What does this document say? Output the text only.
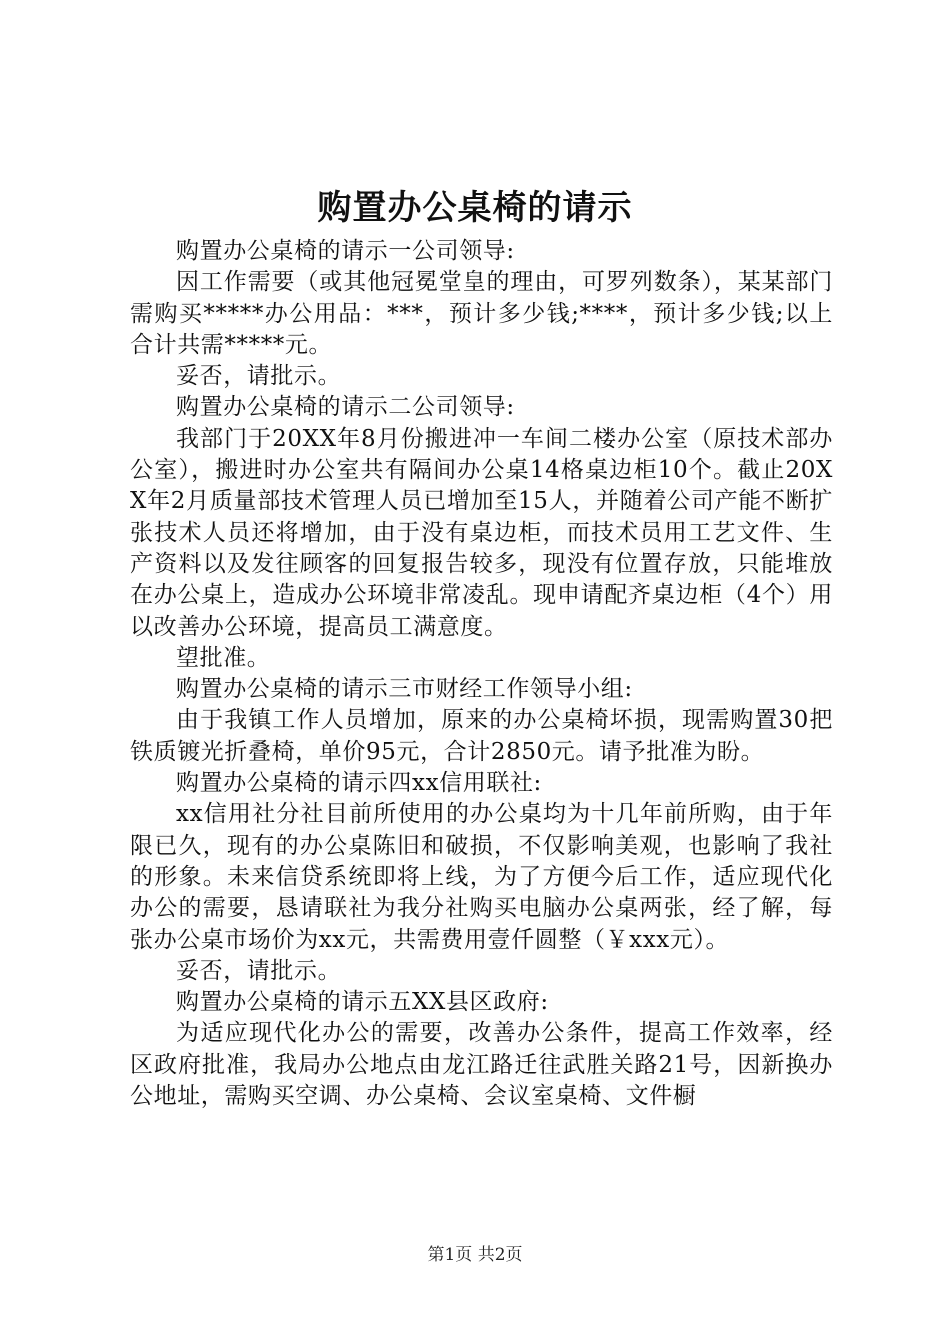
购置办公桌椅的请示

购置办公桌椅的请示一公司领导:

因工作需要（或其他冠冕堂皇的理由，可罗列数条），某某部门需购买*****办公用品：***，预计多少钱;****，预计多少钱;以上合计共需*****元。

妥否，请批示。

购置办公桌椅的请示二公司领导:

我部门于20XX年8月份搬进冲一车间二楼办公室（原技术部办公室），搬进时办公室共有隔间办公桌14格桌边柜10个。截止20XX年2月质量部技术管理人员已增加至15人，并随着公司产能不断扩张技术人员还将增加，由于没有桌边柜，而技术员用工艺文件、生产资料以及发往顾客的回复报告较多，现没有位置存放，只能堆放在办公桌上，造成办公环境非常凌乱。现申请配齐桌边柜（4个）用以改善办公环境，提高员工满意度。

望批准。

购置办公桌椅的请示三市财经工作领导小组:

由于我镇工作人员增加，原来的办公桌椅坏损，现需购置30把铁质镀光折叠椅，单价95元，合计2850元。请予批准为盼。

购置办公桌椅的请示四xx信用联社:

xx信用社分社目前所使用的办公桌均为十几年前所购，由于年限已久，现有的办公桌陈旧和破损，不仅影响美观，也影响了我社的形象。未来信贷系统即将上线，为了方便今后工作，适应现代化办公的需要，恳请联社为我分社购买电脑办公桌两张，经了解，每张办公桌市场价为xx元，共需费用壹仟圆整（￥xxx元）。

妥否，请批示。

购置办公桌椅的请示五XX县区政府:

为适应现代化办公的需要，改善办公条件，提高工作效率，经区政府批准，我局办公地点由龙江路迁往武胜关路21号，因新换办公地址，需购买空调、办公桌椅、会议室桌椅、文件橱

第1页 共2页
